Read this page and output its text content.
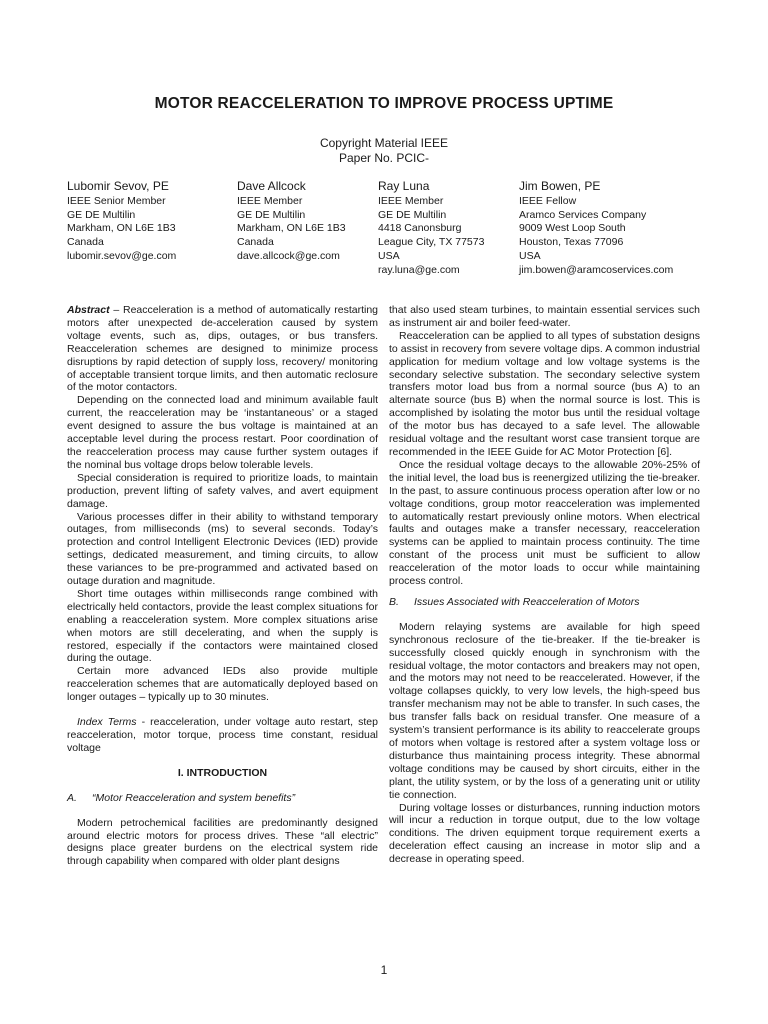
MOTOR REACCELERATION TO IMPROVE PROCESS UPTIME
Copyright Material IEEE
Paper No. PCIC-
Lubomir Sevov, PE
IEEE Senior Member
GE DE Multilin
Markham, ON L6E 1B3
Canada
lubomir.sevov@ge.com
Dave Allcock
IEEE Member
GE DE Multilin
Markham, ON L6E 1B3
Canada
dave.allcock@ge.com
Ray Luna
IEEE Member
GE DE Multilin
4418 Canonsburg
League City, TX 77573
USA
ray.luna@ge.com
Jim Bowen, PE
IEEE Fellow
Aramco Services Company
9009 West Loop South
Houston, Texas 77096
USA
jim.bowen@aramcoservices.com

Abstract – Reacceleration is a method of automatically restarting motors after unexpected de-acceleration caused by system voltage events, such as, dips, outages, or bus transfers. Reacceleration schemes are designed to minimize process disruptions by rapid detection of supply loss, recovery/ monitoring of acceptable transient torque limits, and then automatic reclosure of the motor contactors.

Depending on the connected load and minimum available fault current, the reacceleration may be ‘instantaneous’ or a staged event designed to assure the bus voltage is maintained at an acceptable level during the process restart. Poor coordination of the reacceleration process may cause further system outages if the nominal bus voltage drops below tolerable levels.

Special consideration is required to prioritize loads, to maintain production, prevent lifting of safety valves, and avert equipment damage.

Various processes differ in their ability to withstand temporary outages, from milliseconds (ms) to several seconds. Today’s protection and control Intelligent Electronic Devices (IED) provide settings, dedicated measurement, and timing circuits, to allow these variances to be pre-programmed and activated based on outage duration and magnitude.

Short time outages within milliseconds range combined with electrically held contactors, provide the least complex situations for enabling a reacceleration system. More complex situations arise when motors are still decelerating, and when the supply is restored, especially if the contactors were maintained closed during the outage.

Certain more advanced IEDs also provide multiple reacceleration schemes that are automatically deployed based on longer outages – typically up to 30 minutes.

Index Terms - reacceleration, under voltage auto restart, step reacceleration, motor torque, process time constant, residual voltage

I. INTRODUCTION

A. “Motor Reacceleration and system benefits”

Modern petrochemical facilities are predominantly designed around electric motors for process drives. These “all electric” designs place greater burdens on the electrical system ride through capability when compared with older plant designs

that also used steam turbines, to maintain essential services such as instrument air and boiler feed-water.

Reacceleration can be applied to all types of substation designs to assist in recovery from severe voltage dips. A common industrial application for medium voltage and low voltage systems is the secondary selective substation. The secondary selective system transfers motor load bus from a normal source (bus A) to an alternate source (bus B) when the normal source is lost. This is accomplished by isolating the motor bus until the residual voltage of the motor bus has decayed to a safe level. The allowable residual voltage and the resultant worst case transient torque are recommended in the IEEE Guide for AC Motor Protection [6].

Once the residual voltage decays to the allowable 20%-25% of the initial level, the load bus is reenergized utilizing the tie-breaker. In the past, to assure continuous process operation after low or no voltage conditions, group motor reacceleration was implemented to automatically restart previously online motors. When electrical faults and outages make a transfer necessary, reacceleration systems can be applied to maintain process continuity. The time constant of the process unit must be sufficient to allow reacceleration of the motor loads to occur while maintaining process control.

B. Issues Associated with Reacceleration of Motors

Modern relaying systems are available for high speed synchronous reclosure of the tie-breaker. If the tie-breaker is successfully closed quickly enough in synchronism with the residual voltage, the motor contactors and breakers may not open, and the motors may not need to be reaccelerated. However, if the voltage collapses quickly, to very low levels, the high-speed bus transfer mechanism may not be able to transfer. In such cases, the bus transfer falls back on residual transfer. One measure of a system’s transient performance is its ability to reaccelerate groups of motors when voltage is restored after a system voltage loss or disturbance thus maintaining process integrity. These abnormal voltage conditions may be caused by short circuits, either in the plant, the utility system, or by the loss of a generating unit or utility tie connection.

During voltage losses or disturbances, running induction motors will incur a reduction in torque output, due to the low voltage conditions. The driven equipment torque requirement exerts a deceleration effect causing an increase in motor slip and a decrease in operating speed.

1
